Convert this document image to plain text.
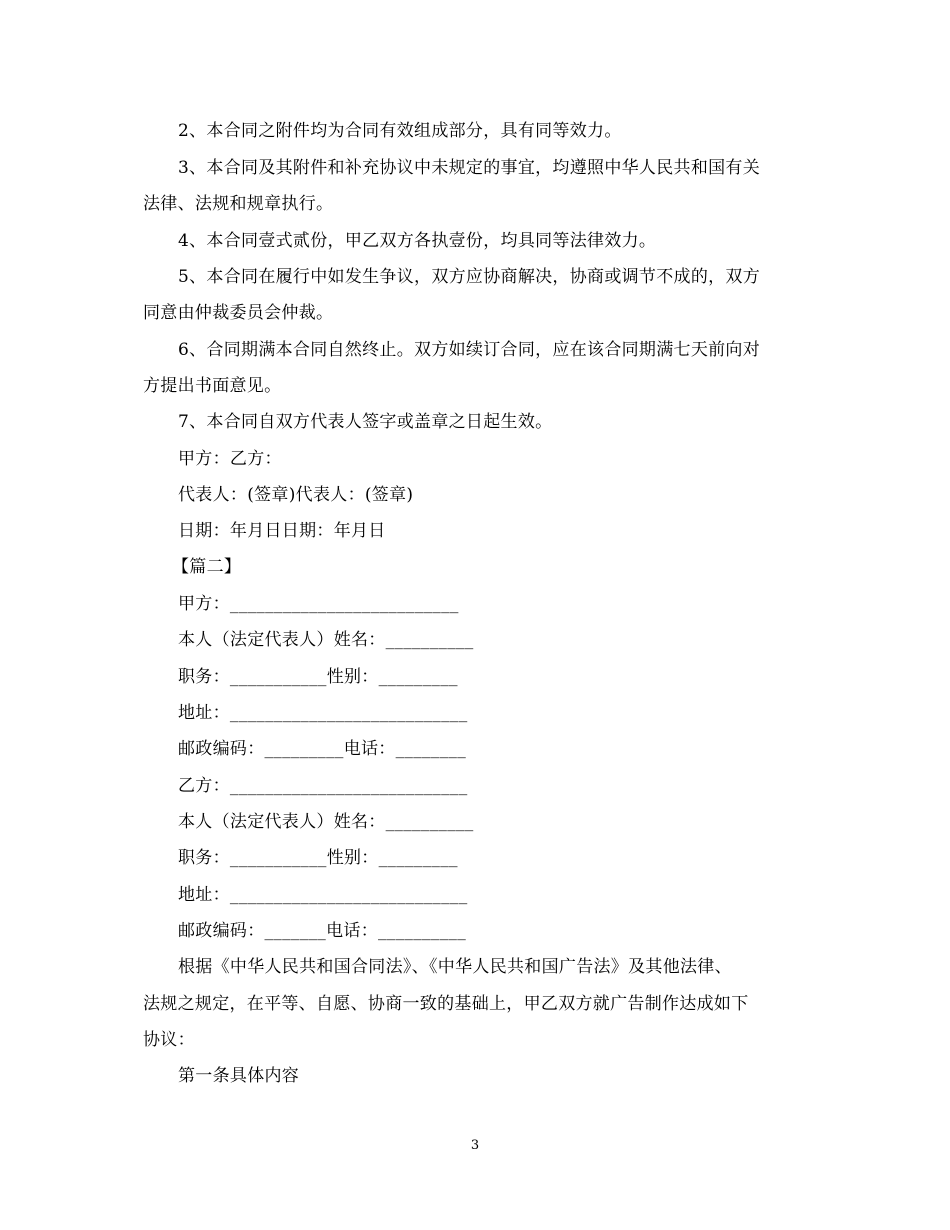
2、本合同之附件均为合同有效组成部分，具有同等效力。
3、本合同及其附件和补充协议中未规定的事宜，均遵照中华人民共和国有关
法律、法规和规章执行。
4、本合同壹式贰份，甲乙双方各执壹份，均具同等法律效力。
5、本合同在履行中如发生争议，双方应协商解决，协商或调节不成的，双方
同意由仲裁委员会仲裁。
6、合同期满本合同自然终止。双方如续订合同，应在该合同期满七天前向对
方提出书面意见。
7、本合同自双方代表人签字或盖章之日起生效。
甲方：乙方：
代表人：(签章)代表人：(签章)
日期：年月日日期：年月日
【篇二】
甲方：__________________________
本人（法定代表人）姓名：__________
职务：___________性别：_________
地址：___________________________
邮政编码：_________电话：________
乙方：___________________________
本人（法定代表人）姓名：__________
职务：___________性别：_________
地址：___________________________
邮政编码：_______电话：__________
根据《中华人民共和国合同法》、《中华人民共和国广告法》及其他法律、
法规之规定，在平等、自愿、协商一致的基础上，甲乙双方就广告制作达成如下
协议：
第一条具体内容
3
